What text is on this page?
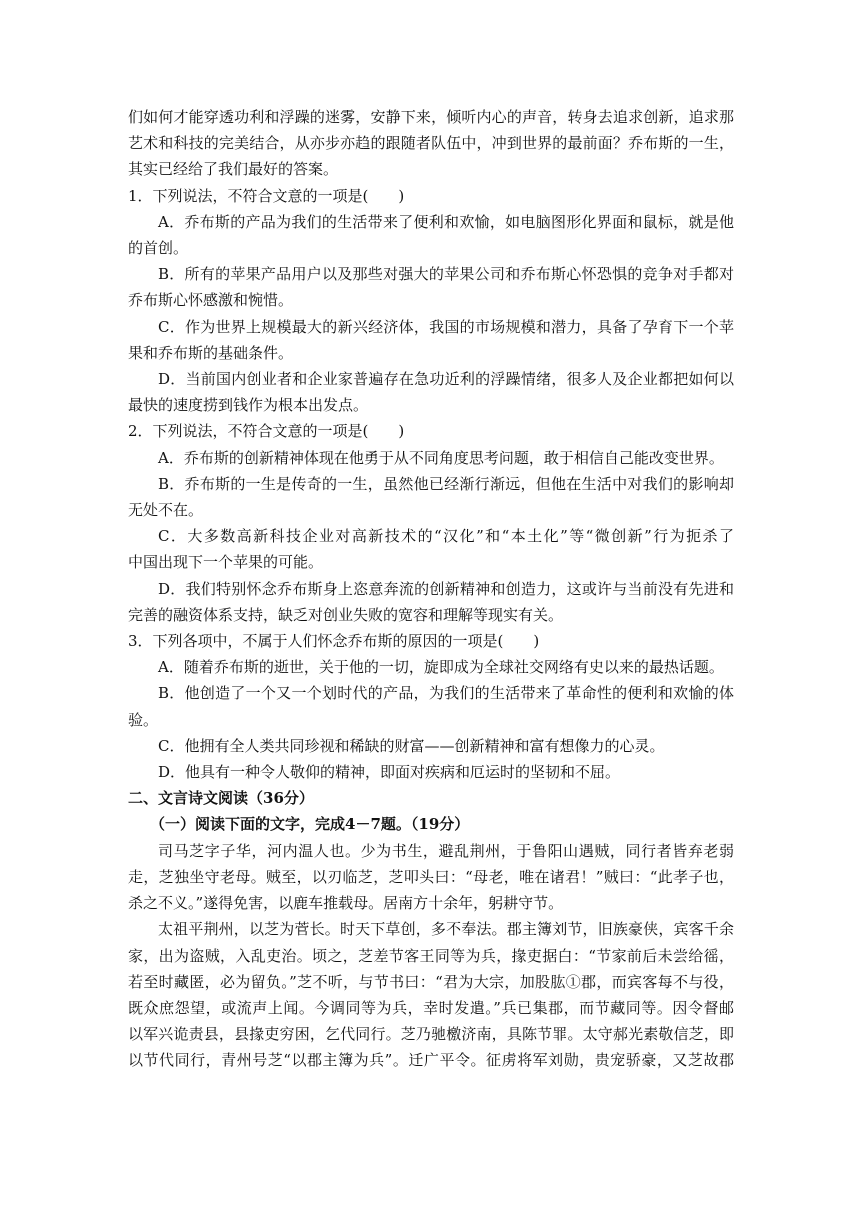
们如何才能穿透功利和浮躁的迷雾，安静下来，倾听内心的声音，转身去追求创新，追求那
艺术和科技的完美结合，从亦步亦趋的跟随者队伍中，冲到世界的最前面？乔布斯的一生，
其实已经给了我们最好的答案。
1．下列说法，不符合文意的一项是(　　)
A．乔布斯的产品为我们的生活带来了便利和欢愉，如电脑图形化界面和鼠标，就是他
的首创。
B．所有的苹果产品用户以及那些对强大的苹果公司和乔布斯心怀恐惧的竞争对手都对
乔布斯心怀感激和惋惜。
C．作为世界上规模最大的新兴经济体，我国的市场规模和潜力，具备了孕育下一个苹
果和乔布斯的基础条件。
D．当前国内创业者和企业家普遍存在急功近利的浮躁情绪，很多人及企业都把如何以
最快的速度捞到钱作为根本出发点。
2．下列说法，不符合文意的一项是(　　)
A．乔布斯的创新精神体现在他勇于从不同角度思考问题，敢于相信自己能改变世界。
B．乔布斯的一生是传奇的一生，虽然他已经渐行渐远，但他在生活中对我们的影响却
无处不在。
C．大多数高新科技企业对高新技术的“汉化”和“本土化”等“微创新”行为扼杀了
中国出现下一个苹果的可能。
D．我们特别怀念乔布斯身上恣意奔流的创新精神和创造力，这或许与当前没有先进和
完善的融资体系支持，缺乏对创业失败的宽容和理解等现实有关。
3．下列各项中，不属于人们怀念乔布斯的原因的一项是(　　)
A．随着乔布斯的逝世，关于他的一切，旋即成为全球社交网络有史以来的最热话题。
B．他创造了一个又一个划时代的产品，为我们的生活带来了革命性的便利和欢愉的体
验。
C．他拥有全人类共同珍视和稀缺的财富——创新精神和富有想像力的心灵。
D．他具有一种令人敬仰的精神，即面对疾病和厄运时的坚韧和不屈。
二、文言诗文阅读（36分）
（一）阅读下面的文字，完成4－7题。（19分）
司马芝字子华，河内温人也。少为书生，避乱荆州，于鲁阳山遇贼，同行者皆弃老弱
走，芝独坐守老母。贼至，以刃临芝，芝叩头曰：“母老，唯在诸君！”贼曰：“此孝子也，
杀之不义。”遂得免害，以鹿车推载母。居南方十余年，躬耕守节。
太祖平荆州，以芝为菅长。时天下草创，多不奉法。郡主簿刘节，旧族豪侠，宾客千余
家，出为盗贼，入乱吏治。顷之，芝差节客王同等为兵，掾吏据白：“节家前后未尝给徭，
若至时藏匿，必为留负。”芝不听，与节书曰：“君为大宗，加股肱①郡，而宾客每不与役，
既众庶怨望，或流声上闻。今调同等为兵，幸时发遣。”兵已集郡，而节藏同等。因令督邮
以军兴诡责县，县掾吏穷困，乞代同行。芝乃驰檄济南，具陈节罪。太守郝光素敬信芝，即
以节代同行，青州号芝“以郡主簿为兵”。迁广平令。征虏将军刘勋，贵宠骄豪，又芝故郡
